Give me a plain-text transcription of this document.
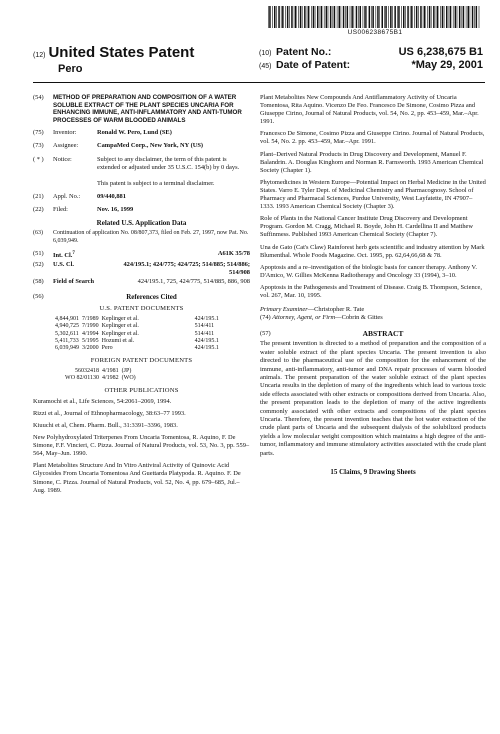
US006238675B1
(12) United States Patent
Pero
(10) Patent No.:	US 6,238,675 B1
(45) Date of Patent:	*May 29, 2001
(54)	METHOD OF PREPARATION AND COMPOSITION OF A WATER SOLUBLE EXTRACT OF THE PLANT SPECIES UNCARIA FOR ENHANCING IMMUNE, ANTI-INFLAMMATORY AND ANTI-TUMOR PROCESSES OF WARM BLOODED ANIMALS
(75)	Inventor:	Ronald W. Pero, Lund (SE)
(73)	Assignee:	CampaMed Corp., New York, NY (US)
( * )	Notice:	Subject to any disclaimer, the term of this patent is extended or adjusted under 35 U.S.C. 154(b) by 0 days.

This patent is subject to a terminal disclaimer.
(21)	Appl. No.:	09/440,881
(22)	Filed:	Nov. 16, 1999
Related U.S. Application Data
(63)	Continuation of application No. 08/807,373, filed on Feb. 27, 1997, now Pat. No. 6,039,949.
(51)	Int. Cl.$^7$	A61K 35/78
(52)	U.S. Cl.	424/195.1; 424/775; 424/725; 514/885; 514/886; 514/908
(58)	Field of Search	424/195.1, 725, 424/775, 514/885, 886, 908
(56)	References Cited
U.S. PATENT DOCUMENTS
4,844,901	7/1989	Keplinger et al.	424/195.1
4,940,725	7/1990	Keplinger et al.	514/411
5,302,611	4/1994	Keplinger et al.	514/411
5,411,733	5/1995	Hozumi et al.	424/195.1
6,039,949	3/2000	Pero	424/195.1
FOREIGN PATENT DOCUMENTS
56032418	4/1981	(JP)
WO 82/01130	4/1982	(WO)
OTHER PUBLICATIONS

Kuramochi et al., Life Sciences, 54:2061–2069, 1994.

Rizzi et al., Journal of Ethnopharmacology, 38:63–77 1993.

Kiuuchi et al, Chem. Pharm. Bull., 31:3391–3396, 1983.

New Polyhydroxylated Triterpenes From Uncaria Tomentosa, R. Aquino, F. De Simone, F.F. Vincieri, C. Pizza. Journal of Natural Products, vol. 53, No. 3, pp. 559–564, May–Jun. 1990.

Plant Metabolites Structure And In Vitro Antiviral Activity of Quinovic Acid Glycosides From Uncaria Tomentosa And Guettarda Platypoda. R. Aquino. F. De Simone, C. Pizza. Journal of Natural Products, vol. 52, No. 4, pp. 679–685, Jul.–Aug. 1989.

Plant Metabolites New Compounds And Antiflammatory Activity of Uncaria Tomentosa, Rita Aquino. Vicenzo De Feo. Francesco De Simone, Cosimo Pizza and Giuseppe Cirino, Journal of Natural Products, vol. 54, No. 2, pp. 453–459, Mar.–Apr. 1991.

Francesco De Simone, Cosimo Pizza and Giuseppe Cirino. Journal of Natural Products, vol. 54, No. 2. pp. 453–459, Mar.–Apr. 1991.

Plant–Derived Natural Products in Drug Discovery and Development, Manuel F. Balandrin. A. Douglas Kinghorn and Norman R. Farnsworth. 1993 American Chemical Society (Chapter 1).

Phytomedicines in Western Europe—Potential Impact on Herbal Medicine in the United States. Varro E. Tyler Dept. of Medicinal Chemistry and Pharmacognosy. School of Pharmacy and Pharmacal Sciences, Purdue University, West Layfatette, IN 47907–1333. 1993 American Chemical Society (Chapter 3).

Role of Plants in the National Cancer Institute Drug Discovery and Development Program. Gordon M. Cragg, Michael R. Boyde, John H. Cardellina II and Matthew Suffinmess. Published 1993 American Chemical Society (Chapter 7).

Una de Gato (Cat's Claw) Rainforest herb gets scientific and industry attention by Mark Blumenthal. Whole Foods Magazine. Oct. 1995, pp. 62,64,66,68 & 78.

Apoptosis and a re–investigation of the biologic basis for cancer therapy. Anthony V. D'Amico, W. Gillies McKenna Radiotherapy and Oncology 33 (1994), 3–10.

Apoptosis in the Pathogenesis and Treatment of Disease. Craig B. Thompson, Science, vol. 267, Mar. 10, 1995.

Primary Examiner—Christopher R. Tate
(74) Attorney, Agent, or Firm—Cobrin & Gittes
(57)	ABSTRACT
The present invention is directed to a method of preparation and the composition of a water soluble extract of the plant species Uncaria. The present invention is also directed to the pharmaceutical use of the composition for the enhancement of the immune, anti-inflammatory, anti-tumor and DNA repair processes of warm blooded animals. The present preparation of the water soluble extract of the plant species Uncaria results in the depletion of many of the ingredients which lead to various toxic side effects associated with other extracts or compositions derived from Uncaria. Also, the present preparation leads to the depletion of many of the active ingredients commonly associated with other extracts and compositions of the plant species Uncaria. Therefore, the present invention teaches that the hot water extraction of the crude plant parts of Uncaria and the subsequent dialysis of the solubilized products yields a low molecular weight composition which maintains a high degree of the anti-tumor, inflammatory and immune stimulatory activities associated with the crude plant parts.
15 Claims, 9 Drawing Sheets
